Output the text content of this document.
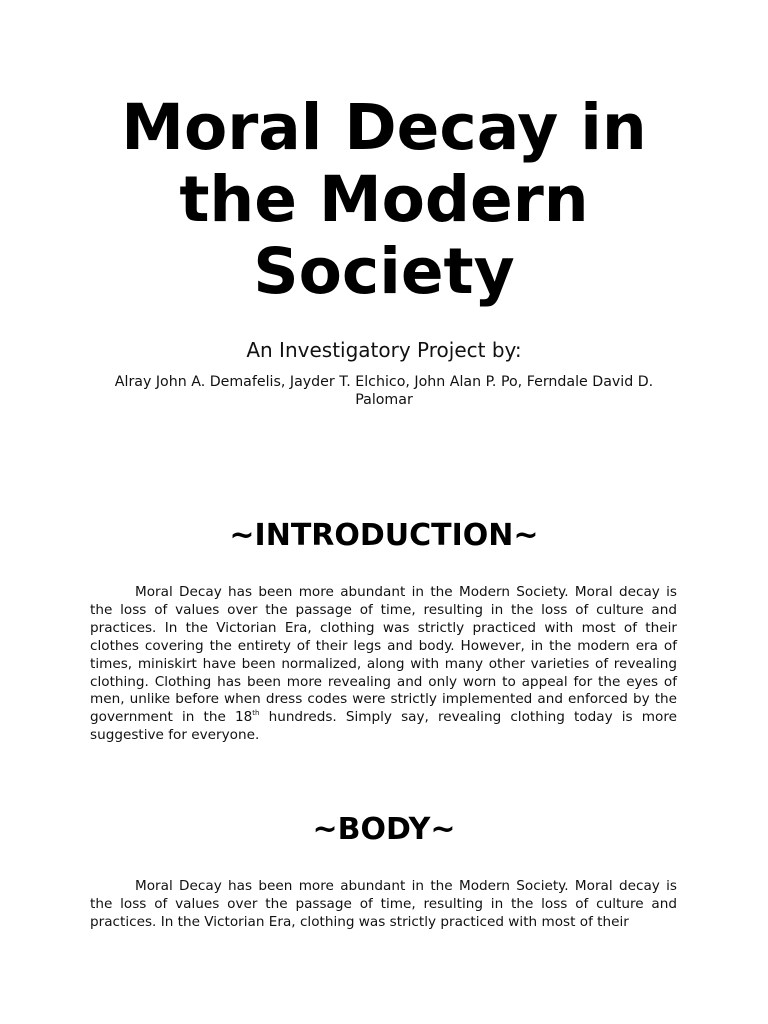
Moral Decay in the Modern Society

An Investigatory Project by:

Alray John A. Demafelis, Jayder T. Elchico, John Alan P. Po, Ferndale David D. Palomar

~INTRODUCTION~

Moral Decay has been more abundant in the Modern Society. Moral decay is the loss of values over the passage of time, resulting in the loss of culture and practices. In the Victorian Era, clothing was strictly practiced with most of their clothes covering the entirety of their legs and body. However, in the modern era of times, miniskirt have been normalized, along with many other varieties of revealing clothing. Clothing has been more revealing and only worn to appeal for the eyes of men, unlike before when dress codes were strictly implemented and enforced by the government in the 18th hundreds. Simply say, revealing clothing today is more suggestive for everyone.

~BODY~

Moral Decay has been more abundant in the Modern Society. Moral decay is the loss of values over the passage of time, resulting in the loss of culture and practices. In the Victorian Era, clothing was strictly practiced with most of their
